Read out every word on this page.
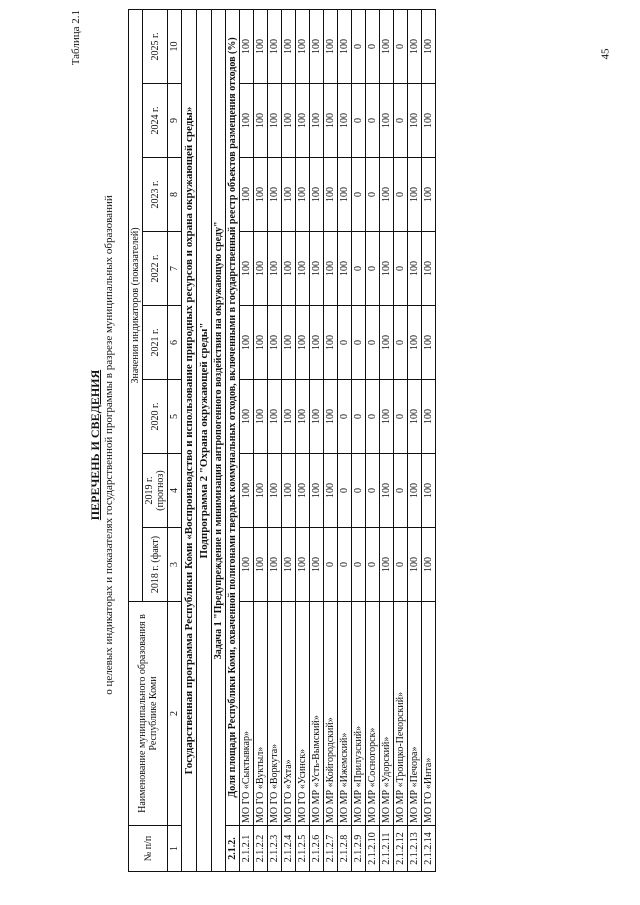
45
Таблица 2.1
ПЕРЕЧЕНЬ И СВЕДЕНИЯ о целевых индикаторах и показателях государственной программы в разрезе муниципальных образований
№ п/п	Наименование муниципального образования в Республике Коми	Значения индикаторов (показателей)							
		2018 г. (факт)	2019 г. (прогноз)	2020 г.	2021 г.	2022 г.	2023 г.	2024 г.	2025 г.
1	2	3	4	5	6	7	8	9	10
Государственная программа Республики Коми «Воспроизводство и использование природных ресурсов и охрана окружающей среды»									
Подпрограмма 2 "Охрана окружающей среды"									
Задача 1 "Предупреждение и минимизация антропогенного воздействия на окружающую среду"									
2.1.2.	Доля площади Республики Коми, охваченной полигонами твердых коммунальных отходов, включенными в государственный реестр объектов размещения отходов (%)								
2.1.2.1	МО ГО «Сыктывкар»	100	100	100	100	100	100	100	100
2.1.2.2	МО ГО «Вуктыл»	100	100	100	100	100	100	100	100
2.1.2.3	МО ГО «Воркута»	100	100	100	100	100	100	100	100
2.1.2.4	МО ГО «Ухта»	100	100	100	100	100	100	100	100
2.1.2.5	МО ГО «Усинск»	100	100	100	100	100	100	100	100
2.1.2.6	МО МР «Усть-Вымский»	100	100	100	100	100	100	100	100
2.1.2.7	МО МР «Койгородский»	0	100	100	100	100	100	100	100
2.1.2.8	МО МР «Ижемский»	0	0	0	0	100	100	100	100
2.1.2.9	МО МР «Прилузский»	0	0	0	0	0	0	0	0
2.1.2.10	МО МР «Сосногорск»	0	0	0	0	0	0	0	0
2.1.2.11	МО МР «Удорский»	100	100	100	100	100	100	100	100
2.1.2.12	МО МР «Троицко-Печорский»	0	0	0	0	0	0	0	0
2.1.2.13	МО МР «Печора»	100	100	100	100	100	100	100	100
2.1.2.14	МО ГО «Инта»	100	100	100	100	100	100	100	100
